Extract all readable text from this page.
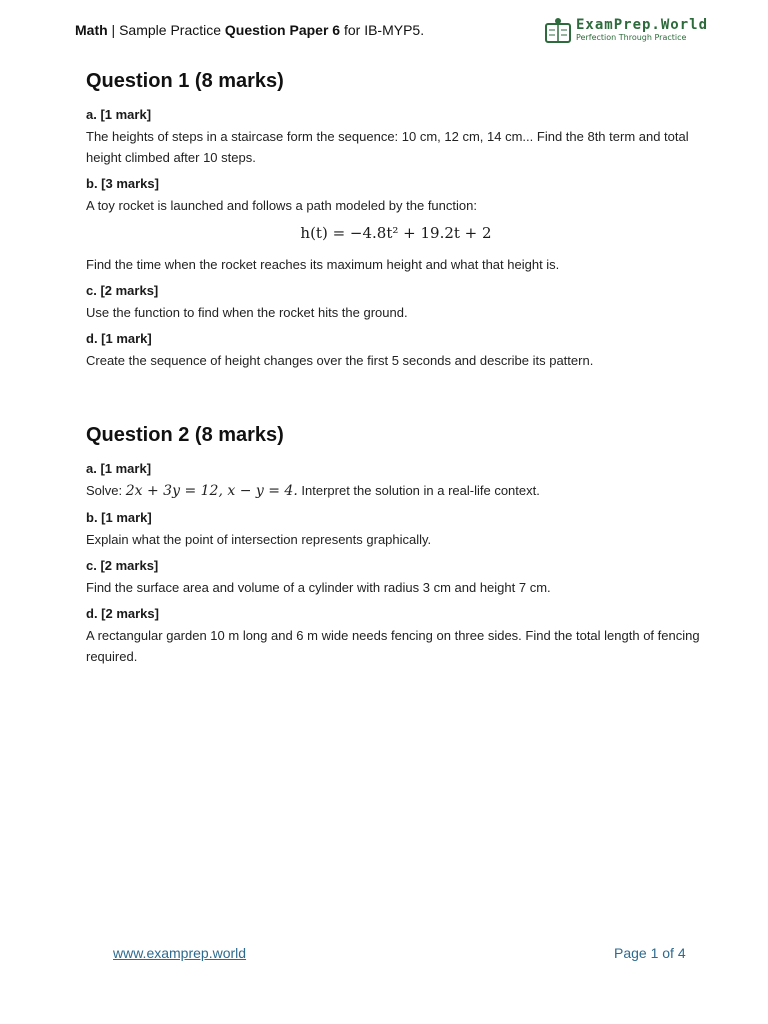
Math | Sample Practice Question Paper 6 for IB-MYP5.	ExamPrep.World
Perfection Through Practice
Question 1 (8 marks)
a. [1 mark]
The heights of steps in a staircase form the sequence: 10 cm, 12 cm, 14 cm... Find the 8th term and total height climbed after 10 steps.
b. [3 marks]
A toy rocket is launched and follows a path modeled by the function:
h(t) = −4.8t² + 19.2t + 2
Find the time when the rocket reaches its maximum height and what that height is.
c. [2 marks]
Use the function to find when the rocket hits the ground.
d. [1 mark]
Create the sequence of height changes over the first 5 seconds and describe its pattern.
Question 2 (8 marks)
a. [1 mark]
Solve: 2x + 3y = 12, x − y = 4. Interpret the solution in a real-life context.
b. [1 mark]
Explain what the point of intersection represents graphically.
c. [2 marks]
Find the surface area and volume of a cylinder with radius 3 cm and height 7 cm.
d. [2 marks]
A rectangular garden 10 m long and 6 m wide needs fencing on three sides. Find the total length of fencing required.
www.examprep.world	Page 1 of 4
